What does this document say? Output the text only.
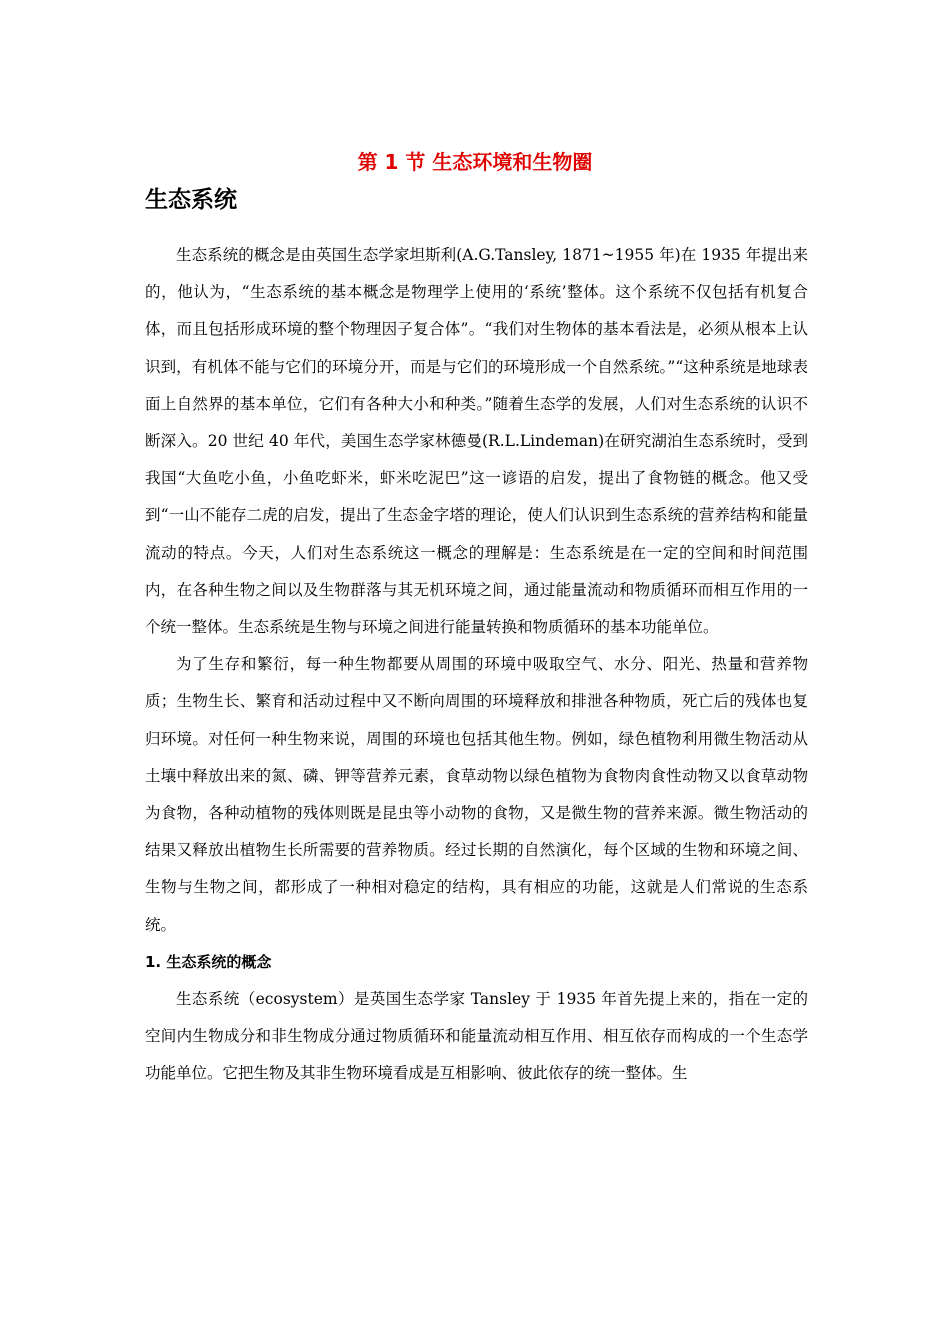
第 1 节 生态环境和生物圈
生态系统

生态系统的概念是由英国生态学家坦斯利(A.G.Tansley, 1871~1955 年)在 1935 年提出来的，他认为，“生态系统的基本概念是物理学上使用的‘系统’整体。这个系统不仅包括有机复合体，而且包括形成环境的整个物理因子复合体”。“我们对生物体的基本看法是，必须从根本上认识到，有机体不能与它们的环境分开，而是与它们的环境形成一个自然系统。”“这种系统是地球表面上自然界的基本单位，它们有各种大小和种类。”随着生态学的发展，人们对生态系统的认识不断深入。20 世纪 40 年代，美国生态学家林德曼(R.L.Lindeman)在研究湖泊生态系统时，受到我国“大鱼吃小鱼，小鱼吃虾米，虾米吃泥巴”这一谚语的启发，提出了食物链的概念。他又受到“一山不能存二虎的启发，提出了生态金字塔的理论，使人们认识到生态系统的营养结构和能量流动的特点。今天，人们对生态系统这一概念的理解是：生态系统是在一定的空间和时间范围内，在各种生物之间以及生物群落与其无机环境之间，通过能量流动和物质循环而相互作用的一个统一整体。生态系统是生物与环境之间进行能量转换和物质循环的基本功能单位。

为了生存和繁衍，每一种生物都要从周围的环境中吸取空气、水分、阳光、热量和营养物质；生物生长、繁育和活动过程中又不断向周围的环境释放和排泄各种物质，死亡后的残体也复归环境。对任何一种生物来说，周围的环境也包括其他生物。例如，绿色植物利用微生物活动从土壤中释放出来的氮、磷、钾等营养元素，食草动物以绿色植物为食物肉食性动物又以食草动物为食物，各种动植物的残体则既是昆虫等小动物的食物，又是微生物的营养来源。微生物活动的结果又释放出植物生长所需要的营养物质。经过长期的自然演化，每个区域的生物和环境之间、生物与生物之间，都形成了一种相对稳定的结构，具有相应的功能，这就是人们常说的生态系统。

1. 生态系统的概念

生态系统（ecosystem）是英国生态学家 Tansley 于 1935 年首先提上来的，指在一定的空间内生物成分和非生物成分通过物质循环和能量流动相互作用、相互依存而构成的一个生态学功能单位。它把生物及其非生物环境看成是互相影响、彼此依存的统一整体。生
